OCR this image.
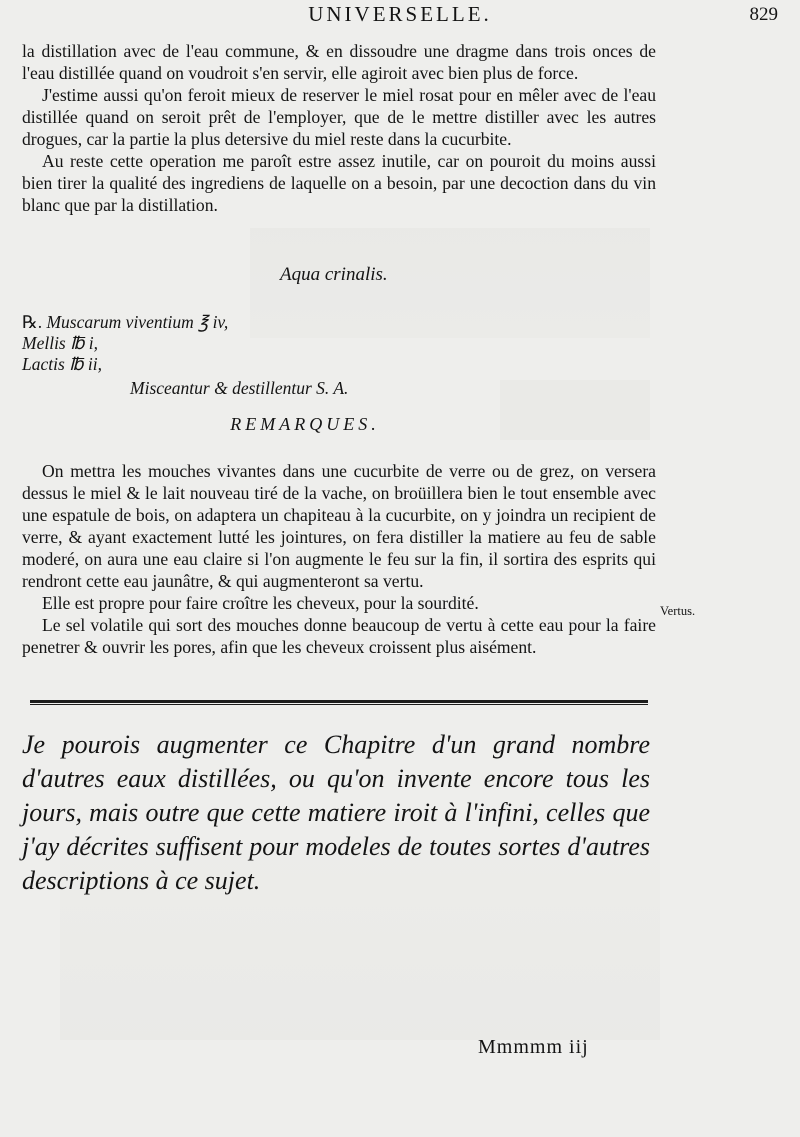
UNIVERSELLE.	829

la distillation avec de l'eau commune, & en dissoudre une dragme dans trois onces de l'eau distillée quand on voudroit s'en servir, elle agiroit avec bien plus de force.

J'estime aussi qu'on feroit mieux de reserver le miel rosat pour en mêler avec de l'eau distillée quand on seroit prêt de l'employer, que de le mettre distiller avec les autres drogues, car la partie la plus detersive du miel reste dans la cucurbite.

Au reste cette operation me paroît estre assez inutile, car on pouroit du moins aussi bien tirer la qualité des ingrediens de laquelle on a besoin, par une decoction dans du vin blanc que par la distillation.

Aqua crinalis.
℞. Muscarum viventium ℥ iv,
Mellis ℔ i,
Lactis ℔ ii,
Misceantur & destillentur S. A.
REMARQUES.

On mettra les mouches vivantes dans une cucurbite de verre ou de grez, on versera dessus le miel & le lait nouveau tiré de la vache, on broüillera bien le tout ensemble avec une espatule de bois, on adaptera un chapiteau à la cucurbite, on y joindra un recipient de verre, & ayant exactement lutté les jointures, on fera distiller la matiere au feu de sable moderé, on aura une eau claire si l'on augmente le feu sur la fin, il sortira des esprits qui rendront cette eau jaunâtre, & qui augmenteront sa vertu.

Elle est propre pour faire croître les cheveux, pour la sourdité.

Le sel volatile qui sort des mouches donne beaucoup de vertu à cette eau pour la faire penetrer & ouvrir les pores, afin que les cheveux croissent plus aisément.

Vertus.
Je pourois augmenter ce Chapitre d'un grand nombre d'autres eaux distillées, ou qu'on invente encore tous les jours, mais outre que cette matiere iroit à l'infini, celles que j'ay décrites suffisent pour modeles de toutes sortes d'autres descriptions à ce sujet.
Mmmmm iij
